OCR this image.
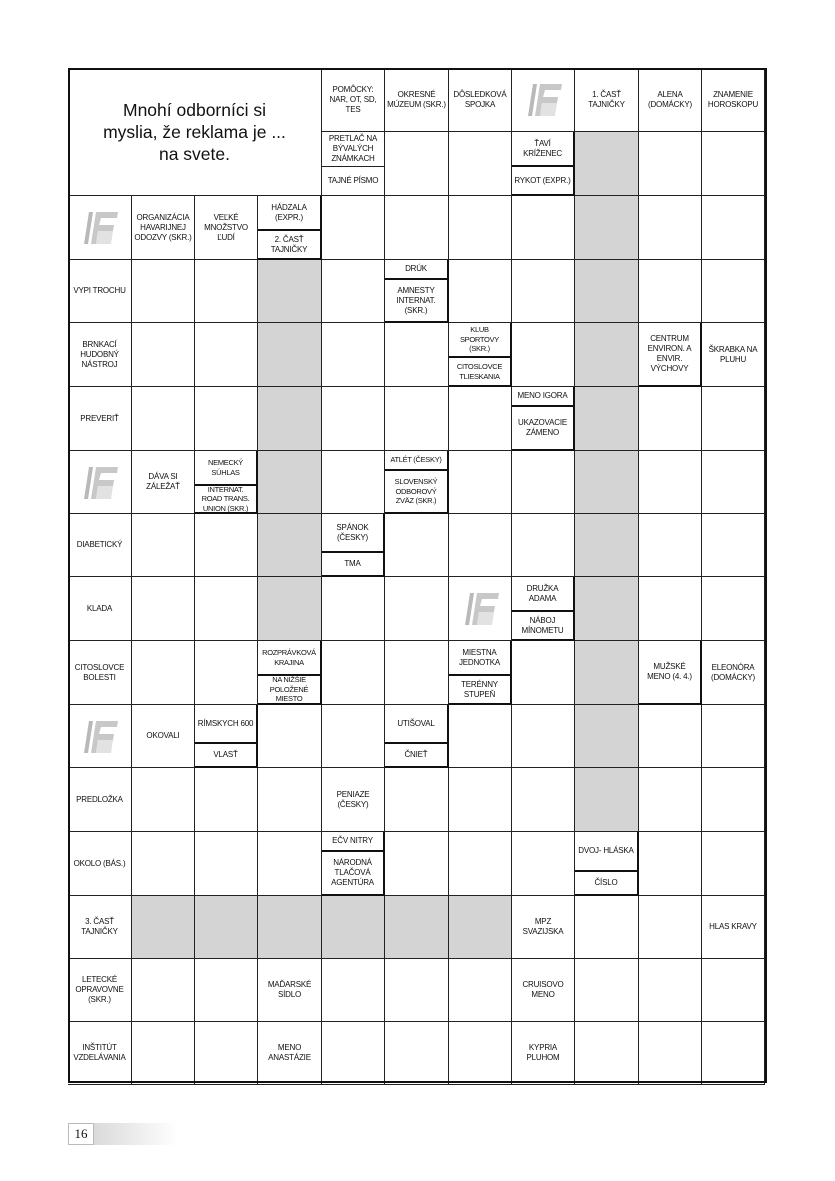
Mnohí odborníci si myslia, že reklama je ... na svete.
POMÔCKY: NAR, OT, SD, TES
OKRESNÉ MÚZEUM (SKR.)
DÔSLEDKOVÁ SPOJKA
1. ČASŤ TAJNIČKY
ALENA (DOMÁCKY)
ZNAMENIE HOROSKOPU
PRETLAČ NA BÝVALÝCH ZNÁMKACH
TAJNÉ PÍSMO
ŤAVÍ KRÍŽENEC
RYKOT (EXPR.)
ORGANIZÁCIA HAVARIJNEJ ODOZVY (SKR.)
VEĽKÉ MNOŽSTVO ĽUDÍ
HÁDZALA (EXPR.)
2. ČASŤ TAJNIČKY
VYPI TROCHU
DRÚK
AMNESTY INTERNAT. (SKR.)
BRNKACÍ HUDOBNÝ NÁSTROJ
KLUB SPORTOVY (SKR.)
CITOSLOVCE TLIESKANIA
CENTRUM ENVIRON. A ENVIR. VÝCHOVY
ŠKRABKA NA PLUHU
PREVERIŤ
MENO IGORA
UKAZOVACIE ZÁMENO
DÁVA SI ZÁLEŽAŤ
NEMECKÝ SÚHLAS
INTERNAT. ROAD TRANS. UNION (SKR.)
ATLÉT (ČESKY)
SLOVENSKÝ ODBOROVÝ ZVÄZ (SKR.)
DIABETICKÝ
SPÁNOK (ČESKY)
TMA
KLADA
DRUŽKA ADAMA
NÁBOJ MÍNOMETU
CITOSLOVCE BOLESTI
ROZPRÁVKOVÁ KRAJINA
NA NIŽŠIE POLOŽENÉ MIESTO
MIESTNA JEDNOTKA
TERÉNNY STUPEŇ
MUŽSKÉ MENO (4. 4.)
ELEONÓRA (DOMÁCKY)
OKOVALI
RÍMSKYCH 600
VLASŤ
UTIŠOVAL
ČNIEŤ
PREDLOŽKA
PENIAZE (ČESKY)
OKOLO (BÁS.)
EČV NITRY
NÁRODNÁ TLAČOVÁ AGENTÚRA
DVOJ- HLÁSKA
ČÍSLO
3. ČASŤ TAJNIČKY
MPZ SVAZIJSKA
HLAS KRAVY
LETECKÉ OPRAVOVNE (SKR.)
MAĎARSKÉ SÍDLO
CRUISOVO MENO
INŠTITÚT VZDELÁVANIA
MENO ANASTÁZIE
KYPRIA PLUHOM
16
